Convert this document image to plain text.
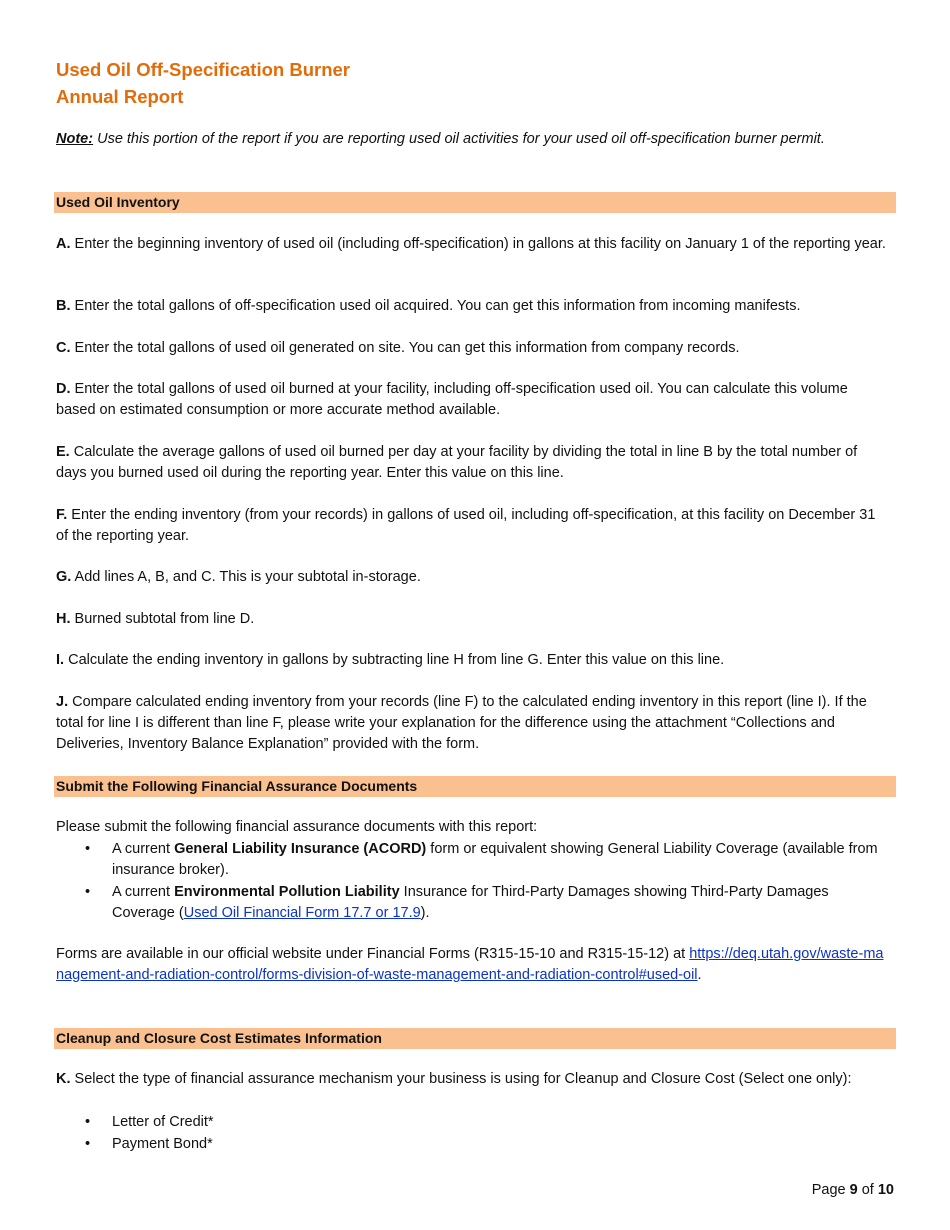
Used Oil Off-Specification Burner
Annual Report
Note: Use this portion of the report if you are reporting used oil activities for your used oil off-specification burner permit.
Used Oil Inventory
A. Enter the beginning inventory of used oil (including off-specification) in gallons at this facility on January 1 of the reporting year.
B. Enter the total gallons of off-specification used oil acquired. You can get this information from incoming manifests.
C. Enter the total gallons of used oil generated on site. You can get this information from company records.
D. Enter the total gallons of used oil burned at your facility, including off-specification used oil. You can calculate this volume based on estimated consumption or more accurate method available.
E. Calculate the average gallons of used oil burned per day at your facility by dividing the total in line B by the total number of days you burned used oil during the reporting year. Enter this value on this line.
F. Enter the ending inventory (from your records) in gallons of used oil, including off-specification, at this facility on December 31 of the reporting year.
G. Add lines A, B, and C. This is your subtotal in-storage.
H. Burned subtotal from line D.
I. Calculate the ending inventory in gallons by subtracting line H from line G. Enter this value on this line.
J. Compare calculated ending inventory from your records (line F) to the calculated ending inventory in this report (line I). If the total for line I is different than line F, please write your explanation for the difference using the attachment “Collections and Deliveries, Inventory Balance Explanation” provided with the form.
Submit the Following Financial Assurance Documents
Please submit the following financial assurance documents with this report:
• A current General Liability Insurance (ACORD) form or equivalent showing General Liability Coverage (available from insurance broker).
• A current Environmental Pollution Liability Insurance for Third-Party Damages showing Third-Party Damages Coverage (Used Oil Financial Form 17.7 or 17.9).
Forms are available in our official website under Financial Forms (R315-15-10 and R315-15-12) at https://deq.utah.gov/waste-management-and-radiation-control/forms-division-of-waste-management-and-radiation-control#used-oil.
Cleanup and Closure Cost Estimates Information
K. Select the type of financial assurance mechanism your business is using for Cleanup and Closure Cost (Select one only):
• Letter of Credit*
• Payment Bond*
Page 9 of 10
